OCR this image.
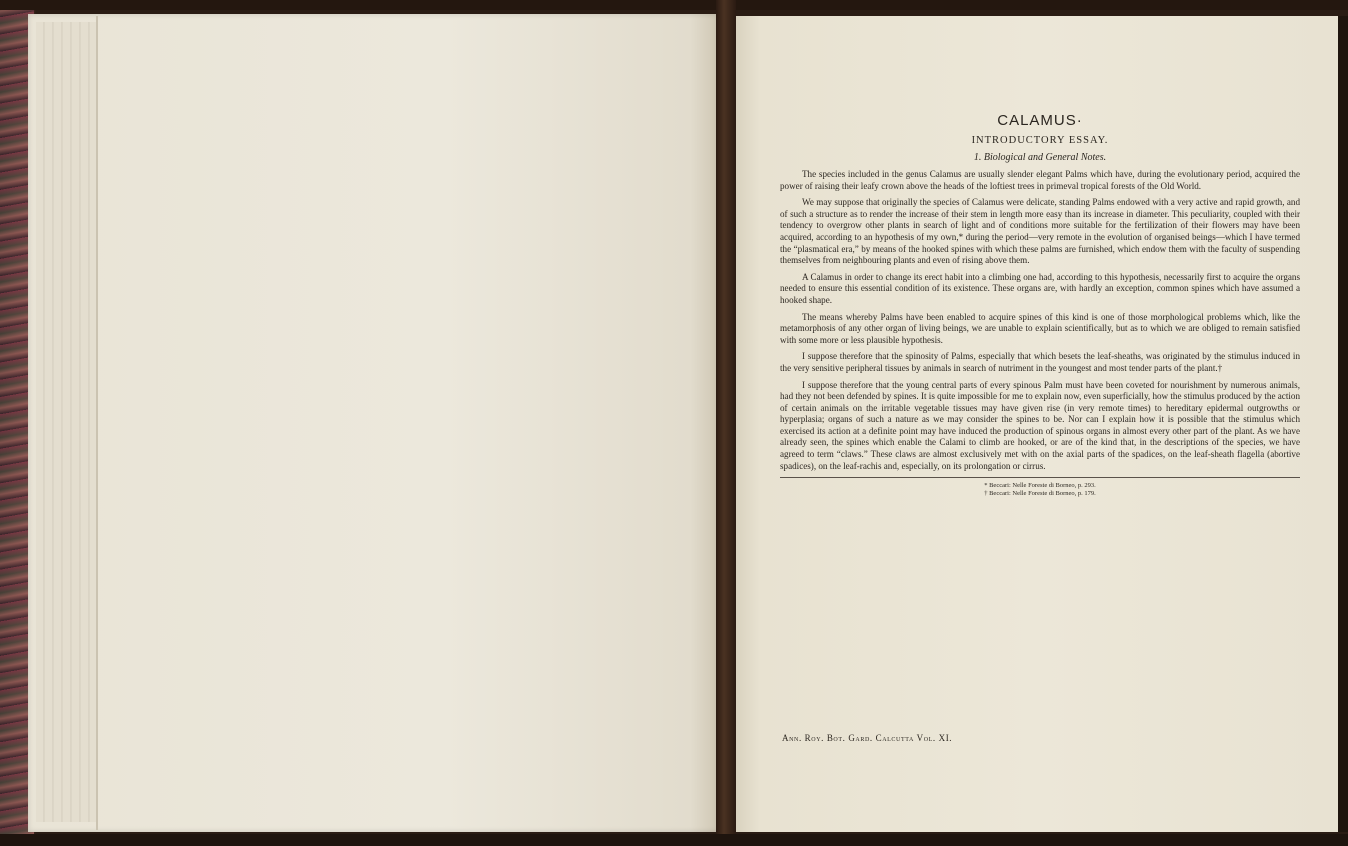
CALAMUS·
INTRODUCTORY ESSAY.
1. Biological and General Notes.

The species included in the genus Calamus are usually slender elegant Palms which have, during the evolutionary period, acquired the power of raising their leafy crown above the heads of the loftiest trees in primeval tropical forests of the Old World.

We may suppose that originally the species of Calamus were delicate, standing Palms endowed with a very active and rapid growth, and of such a structure as to render the increase of their stem in length more easy than its increase in diameter. This peculiarity, coupled with their tendency to overgrow other plants in search of light and of conditions more suitable for the fertilization of their flowers may have been acquired, according to an hypothesis of my own,* during the period—very remote in the evolution of organised beings—which I have termed the “plasmatical era,” by means of the hooked spines with which these palms are furnished, which endow them with the faculty of suspending themselves from neighbouring plants and even of rising above them.

A Calamus in order to change its erect habit into a climbing one had, according to this hypothesis, necessarily first to acquire the organs needed to ensure this essential condition of its existence. These organs are, with hardly an exception, common spines which have assumed a hooked shape.

The means whereby Palms have been enabled to acquire spines of this kind is one of those morphological problems which, like the metamorphosis of any other organ of living beings, we are unable to explain scientifically, but as to which we are obliged to remain satisfied with some more or less plausible hypothesis.

I suppose therefore that the spinosity of Palms, especially that which besets the leaf-sheaths, was originated by the stimulus induced in the very sensitive peripheral tissues by animals in search of nutriment in the youngest and most tender parts of the plant.†

I suppose therefore that the young central parts of every spinous Palm must have been coveted for nourishment by numerous animals, had they not been defended by spines. It is quite impossible for me to explain now, even superficially, how the stimulus produced by the action of certain animals on the irritable vegetable tissues may have given rise (in very remote times) to hereditary epidermal outgrowths or hyperplasia; organs of such a nature as we may consider the spines to be. Nor can I explain how it is possible that the stimulus which exercised its action at a definite point may have induced the production of spinous organs in almost every other part of the plant. As we have already seen, the spines which enable the Calami to climb are hooked, or are of the kind that, in the descriptions of the species, we have agreed to term “claws.” These claws are almost exclusively met with on the axial parts of the spadices, on the leaf-sheath flagella (abortive spadices), on the leaf-rachis and, especially, on its prolongation or cirrus.

* Beccari: Nelle Foreste di Borneo, p. 293.

† Beccari: Nelle Foreste di Borneo, p. 179.

Ann. Roy. Bot. Gard. Calcutta Vol. XI.
